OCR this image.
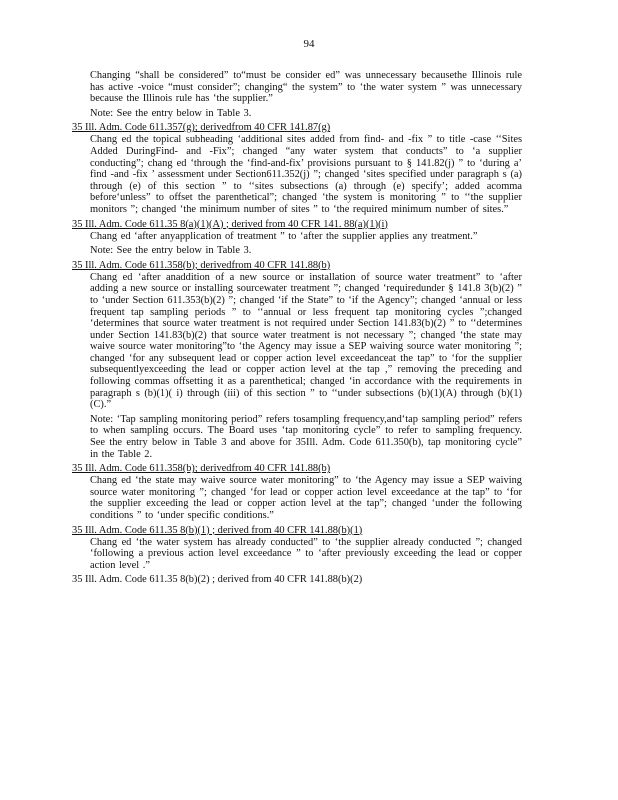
94

Changing “shall be considered” to“must be consider ed” was unnecessary becausethe Illinois rule has active -voice “must consider”; changing“ the system” to ‘the water system ” was unnecessary because the Illinois rule has ‘the supplier.”

Note: See the entry below in Table 3.

35 Ill. Adm. Code 611.357(g); derivedfrom 40 CFR 141.87(g)

Chang ed the topical subheading ‘additional sites added from find- and -fix ” to title -case ‘‘Sites Added DuringFind- and -Fix”; changed “any water system that conducts” to ‘a supplier conducting”; chang ed ‘through the ‘find-and-fix’ provisions pursuant to § 141.82(j) ” to ‘during a’ find -and -fix ’ assessment under Section611.352(j) ”; changed ‘sites specified under paragraph s (a) through (e) of this section ” to ‘‘sites subsections (a) through (e) specify’; added acomma before‘unless” to offset the parenthetical”; changed ‘the system is monitoring ” to ‘‘the supplier monitors ”; changed ‘the minimum number of sites ” to ‘the required minimum number of sites.”

35 Ill. Adm. Code 611.35 8(a)(1)(A) ; derived from 40 CFR 141. 88(a)(1)(i)

Chang ed ‘after anyapplication of treatment ” to ‘after the supplier applies any treatment.”

Note: See the entry below in Table 3.

35 Ill. Adm. Code 611.358(b); derivedfrom 40 CFR 141.88(b)

Chang ed ‘after anaddition of a new source or installation of source water treatment” to ‘after adding a new source or installing sourcewater treatment ”; changed ‘requiredunder § 141.8 3(b)(2) ” to ‘under Section 611.353(b)(2) ”; changed ‘if the State” to ‘if the Agency”; changed ‘annual or less frequent tap sampling periods ” to ‘‘annual or less frequent tap monitoring cycles ”;changed ‘determines that source water treatment is not required under Section 141.83(b)(2) ” to ‘‘determines under Section 141.83(b)(2) that source water treatment is not necessary ”; changed ‘the state may waive source water monitoring”to ‘the Agency may issue a SEP waiving source water monitoring ”; changed ‘for any subsequent lead or copper action level exceedanceat the tap” to ‘for the supplier subsequentlyexceeding the lead or copper action level at the tap ,” removing the preceding and following commas offsetting it as a parenthetical; changed ‘in accordance with the requirements in paragraph s (b)(1)( i) through (iii) of this section ” to ‘‘under subsections (b)(1)(A) through (b)(1)(C).”

Note: ‘Tap sampling monitoring period” refers tosampling frequency,and‘tap sampling period” refers to when sampling occurs. The Board uses ‘tap monitoring cycle” to refer to sampling frequency. See the entry below in Table 3 and above for 35Ill. Adm. Code 611.350(b), tap monitoring cycle” in the Table 2.

35 Ill. Adm. Code 611.358(b); derivedfrom 40 CFR 141.88(b)

Chang ed ‘the state may waive source water monitoring” to ‘the Agency may issue a SEP waiving source water monitoring ”; changed ‘for lead or copper action level exceedance at the tap” to ‘for the supplier exceeding the lead or copper action level at the tap”; changed ‘under the following conditions ” to ‘under specific conditions.”

35 Ill. Adm. Code 611.35 8(b)(1) ; derived from 40 CFR 141.88(b)(1)

Chang ed ‘the water system has already conducted” to ‘the supplier already conducted ”; changed ‘following a previous action level exceedance ” to ‘after previously exceeding the lead or copper action level .”

35 Ill. Adm. Code 611.35 8(b)(2) ; derived from 40 CFR 141.88(b)(2)
